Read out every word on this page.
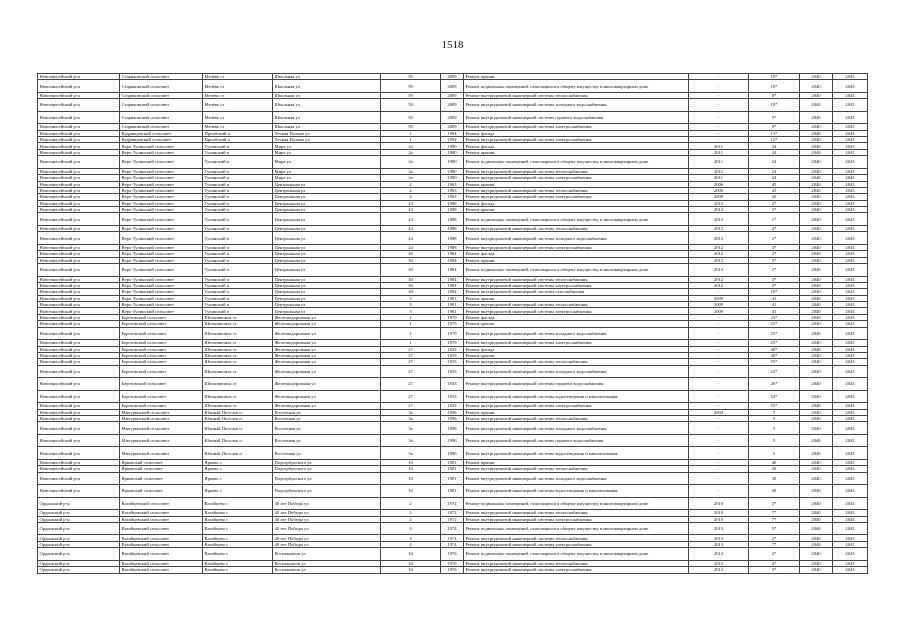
1518
Новоенисейский р-н	Стариковский сельсовет	Мечёво ст	Школьная ул	59	2009	Ремонт крыши	-	10*	2040	2043
Новоенисейский р-н	Стариковский сельсовет	Мечёво ст	Школьная ул	59	2009	Ремонт подвальных помещений, относящихся к общему имуществу в многоквартирном доме	-	10*	2040	2043
Новоенисейский р-н	Стариковский сельсовет	Мечёво ст	Школьная ул	59	2009	Ремонт внутридомовой инженерной системы теплоснабжения	-	8*	2040	2043
Новоенисейский р-н	Стариковский сельсовет	Мечёво ст	Школьная ул	59	2009	Ремонт внутридомовой инженерной системы холодного водоснабжения	-	10*	2040	2043
Новоенисейский р-н	Стариковский сельсовет	Мечёво ст	Школьная ул	59	2009	Ремонт внутридомовой инженерной системы горячего водоснабжения	-	5*	2040	2043
Новоенисейский р-н	Стариковский сельсовет	Мечёво ст	Школьная ул	59	2009	Ремонт внутридомовой инженерной системы электроснабжения	-	9*	2040	2043
Новоенисейский р-н	Кудрявцевский сельсовет	Приобский п	Лесная Поляна ул	1	1994	Ремонт фасада	-	13*	2040	2043
Новоенисейский р-н	Кудрявцевский сельсовет	Приобский п	Лесная Поляна ул	1	1994	Ремонт внутридомовой инженерной системы электроснабжения	-	12*	2040	2043
Новоенисейский р-н	Верх-Тулинский сельсовет	Тулинский п	Мира ул	2а	1980	Ремонт фасада	2011	24	2040	2043
Новоенисейский р-н	Верх-Тулинский сельсовет	Тулинский п	Мира ул	2а	1980	Ремонт крыши	2011	24	2040	2043
Новоенисейский р-н	Верх-Тулинский сельсовет	Тулинский п	Мира ул	2а	1980	Ремонт подвальных помещений, относящихся к общему имуществу в многоквартирном доме	2011	24	2040	2043
Новоенисейский р-н	Верх-Тулинский сельсовет	Тулинский п	Мира ул	2а	1980	Ремонт внутридомовой инженерной системы теплоснабжения	2011	24	2040	2043
Новоенисейский р-н	Верх-Тулинский сельсовет	Тулинский п	Мира ул	2а	1980	Ремонт внутридомовой инженерной системы электроснабжения	2011	24	2040	2043
Новоенисейский р-н	Верх-Тулинский сельсовет	Тулинский п	Центральная ул	2	1963	Ремонт крыши	2006	45	2040	2043
Новоенисейский р-н	Верх-Тулинский сельсовет	Тулинский п	Центральная ул	2	1963	Ремонт внутридомовой инженерной системы теплоснабжения	2009	45	2040	2043
Новоенисейский р-н	Верх-Тулинский сельсовет	Тулинский п	Центральная ул	2	1963	Ремонт внутридомовой инженерной системы электроснабжения	2009	45	2040	2043
Новоенисейский р-н	Верх-Тулинский сельсовет	Тулинский п	Центральная ул	24	1988	Ремонт фасада	2012	2*	2040	2043
Новоенисейский р-н	Верх-Тулинский сельсовет	Тулинский п	Центральная ул	24	1988	Ремонт крыши	2012	5*	2040	2043
Новоенисейский р-н	Верх-Тулинский сельсовет	Тулинский п	Центральная ул	24	1988	Ремонт подвальных помещений, относящихся к общему имуществу в многоквартирном доме	2012	1*	2040	2043
Новоенисейский р-н	Верх-Тулинский сельсовет	Тулинский п	Центральная ул	24	1988	Ремонт внутридомовой инженерной системы теплоснабжения	2012	4*	2040	2043
Новоенисейский р-н	Верх-Тулинский сельсовет	Тулинский п	Центральная ул	24	1988	Ремонт внутридомовой инженерной системы холодного водоснабжения	2012	2*	2040	2043
Новоенисейский р-н	Верх-Тулинский сельсовет	Тулинский п	Центральная ул	24	1988	Ремонт внутридомовой инженерной системы электроснабжения	2012	3*	2040	2043
Новоенисейский р-н	Верх-Тулинский сельсовет	Тулинский п	Центральная ул	30	1984	Ремонт фасада	2012	2*	2040	2043
Новоенисейский р-н	Верх-Тулинский сельсовет	Тулинский п	Центральная ул	30	1984	Ремонт крыши	2012	5*	2040	2043
Новоенисейский р-н	Верх-Тулинский сельсовет	Тулинский п	Центральная ул	30	1984	Ремонт подвальных помещений, относящихся к общему имуществу в многоквартирном доме	2012	2*	2040	2043
Новоенисейский р-н	Верх-Тулинский сельсовет	Тулинский п	Центральная ул	30	1984	Ремонт внутридомовой инженерной системы теплоснабжения	2012	3*	2040	2043
Новоенисейский р-н	Верх-Тулинский сельсовет	Тулинский п	Центральная ул	30	1984	Ремонт внутридомовой инженерной системы электроснабжения	2012	5*	2040	2043
Новоенисейский р-н	Верх-Тулинский сельсовет	Тулинский п	Центральная ул	30	1984	Ремонт внутридомовой инженерной системы газоснабжения	-	10*	2040	2043
Новоенисейский р-н	Верх-Тулинский сельсовет	Тулинский п	Центральная ул	5	1981	Ремонт крыши	2009	41	2040	2043
Новоенисейский р-н	Верх-Тулинский сельсовет	Тулинский п	Центральная ул	5	1981	Ремонт внутридомовой инженерной системы теплоснабжения	2009	41	2040	2043
Новоенисейский р-н	Верх-Тулинский сельсовет	Тулинский п	Центральная ул	5	1981	Ремонт внутридомовой инженерной системы электроснабжения	2009	41	2040	2043
Новоенисейский р-н	Березовский сельсовет	Шелковичиха ст	Железнодорожная ул	1	1979	Ремонт фасада	-	23*	2040	2043
Новоенисейский р-н	Березовский сельсовет	Шелковичиха ст	Железнодорожная ул	1	1979	Ремонт крыши	-	25*	2040	2043
Новоенисейский р-н	Березовский сельсовет	Шелковичиха ст	Железнодорожная ул	1	1979	Ремонт внутридомовой инженерной системы холодного водоснабжения	-	25*	2040	2043
Новоенисейский р-н	Березовский сельсовет	Шелковичиха ст	Железнодорожная ул	1	1979	Ремонт внутридомовой инженерной системы электроснабжения	-	25*	2040	2043
Новоенисейский р-н	Березовский сельсовет	Шелковичиха ст	Железнодорожная ул	27	1933	Ремонт фасада	-	40*	2040	2043
Новоенисейский р-н	Березовский сельсовет	Шелковичиха ст	Железнодорожная ул	27	1933	Ремонт крыши	-	40*	2040	2043
Новоенисейский р-н	Березовский сельсовет	Шелковичиха ст	Железнодорожная ул	27	1933	Ремонт внутридомовой инженерной системы теплоснабжения	-	55*	2040	2043
Новоенисейский р-н	Березовский сельсовет	Шелковичиха ст	Железнодорожная ул	27	1933	Ремонт внутридомовой инженерной системы холодного водоснабжения	-	22*	2040	2043
Новоенисейский р-н	Березовский сельсовет	Шелковичиха ст	Железнодорожная ул	27	1933	Ремонт внутридомовой инженерной системы горячего водоснабжения	-	26*	2040	2043
Новоенисейский р-н	Березовский сельсовет	Шелковичиха ст	Железнодорожная ул	27	1933	Ремонт внутридомовой инженерной системы водоотведения и канализования	-	54*	2040	2043
Новоенисейский р-н	Березовский сельсовет	Шелковичиха ст	Железнодорожная ул	27	1933	Ремонт внутридомовой инженерной системы электроснабжения	-	55*	2040	2043
Новоенисейский р-н	Мичуринский сельсовет	Южный Поселок п	Восточная ул	3а	1996	Ремонт крыши	2004	5	2040	2043
Новоенисейский р-н	Мичуринский сельсовет	Южный Поселок п	Восточная ул	3а	1996	Ремонт внутридомовой инженерной системы теплоснабжения	-	5	2040	2043
Новоенисейский р-н	Мичуринский сельсовет	Южный Поселок п	Восточная ул	3а	1996	Ремонт внутридомовой инженерной системы холодного водоснабжения	-	5	2040	2043
Новоенисейский р-н	Мичуринский сельсовет	Южный Поселок п	Восточная ул	3а	1996	Ремонт внутридомовой инженерной системы горячего водоснабжения	-	5	2040	2043
Новоенисейский р-н	Мичуринский сельсовет	Южный Поселок п	Восточная ул	3а	1996	Ремонт внутридомовой инженерной системы водоотведения и канализования	-	5	2040	2043
Новоенисейский р-н	Ярковский сельсовет	Ярково с	Подгорбунского ул	10	1981	Ремонт крыши	-	40	2040	2043
Новоенисейский р-н	Ярковский сельсовет	Ярково с	Подгорбунского ул	10	1981	Ремонт внутридомовой инженерной системы теплоснабжения	-	20	2040	2043
Новоенисейский р-н	Ярковский сельсовет	Ярково с	Подгорбунского ул	10	1981	Ремонт внутридомовой инженерной системы холодного водоснабжения	-	30	2040	2043
Новоенисейский р-н	Ярковский сельсовет	Ярково с	Подгорбунского ул	10	1981	Ремонт внутридомовой инженерной системы водоотведения и канализования	-	30	2040	2043
Ордынский р-н	Вагайцевский сельсовет	Вагайцево с	40 лет Победы ул	2	1972	Ремонт подвальных помещений, относящихся к общему имуществу в многоквартирном доме	2010	3*	2040	2043
Ордынский р-н	Вагайцевский сельсовет	Вагайцево с	40 лет Победы ул	2	1972	Ремонт внутридомовой инженерной системы теплоснабжения	2010	7*	2040	2043
Ордынский р-н	Вагайцевский сельсовет	Вагайцево с	40 лет Победы ул	2	1972	Ремонт внутридомовой инженерной системы электроснабжения	2010	7*	2040	2043
Ордынский р-н	Вагайцевский сельсовет	Вагайцево с	40 лет Победы ул	4	1974	Ремонт подвальных помещений, относящихся к общему имуществу в многоквартирном доме	2013	5*	2040	2043
Ордынский р-н	Вагайцевский сельсовет	Вагайцево с	40 лет Победы ул	4	1974	Ремонт внутридомовой инженерной системы теплоснабжения	2013	2*	2040	2043
Ордынский р-н	Вагайцевский сельсовет	Вагайцево с	40 лет Победы ул	4	1974	Ремонт внутридомовой инженерной системы электроснабжения	2013	7*	2040	2043
Ордынский р-н	Вагайцевский сельсовет	Вагайцево с	Космонавтов ул	34	1976	Ремонт подвальных помещений, относящихся к общему имуществу в многоквартирном доме	2012	2*	2040	2043
Ордынский р-н	Вагайцевский сельсовет	Вагайцево с	Космонавтов ул	34	1976	Ремонт внутридомовой инженерной системы теплоснабжения	2012	4*	2040	2043
Ордынский р-н	Вагайцевский сельсовет	Вагайцево с	Космонавтов ул	34	1976	Ремонт внутридомовой инженерной системы электроснабжения	2012	5*	2040	2043
